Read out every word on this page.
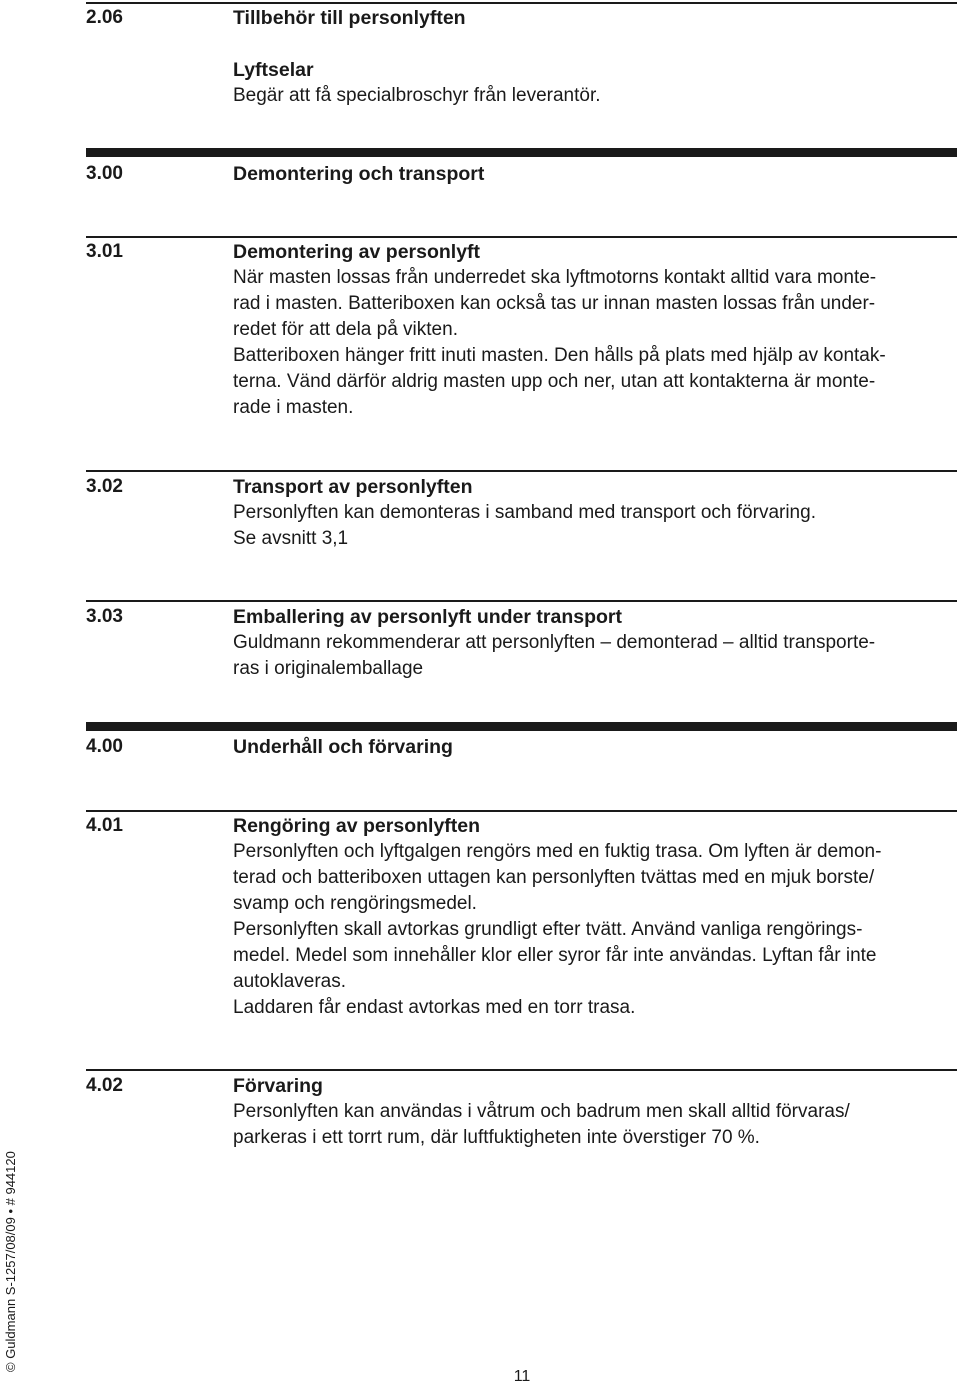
2.06	Tillbehör till personlyften
Lyftselar
Begär att få specialbroschyr från leverantör.
3.00	Demontering och transport
3.01	Demontering av personlyft
När masten lossas från underredet ska lyftmotorns kontakt alltid vara monte-
rad i masten. Batteriboxen kan också tas ur innan masten lossas från under-
redet för att dela på vikten.
Batteriboxen hänger fritt inuti masten. Den hålls på plats med hjälp av kontak-
terna. Vänd därför aldrig masten upp och ner, utan att kontakterna är monte-
rade i masten.
3.02	Transport av personlyften
Personlyften kan demonteras i samband med transport och förvaring.
Se avsnitt 3,1
3.03	Emballering av personlyft under transport
Guldmann rekommenderar att personlyften – demonterad – alltid transporte-
ras i originalemballage
4.00	Underhåll och förvaring
4.01	Rengöring av personlyften
Personlyften och lyftgalgen rengörs med en fuktig trasa. Om lyften är demon-
terad och batteriboxen uttagen kan personlyften tvättas med en mjuk borste/
svamp och rengöringsmedel.
Personlyften skall avtorkas grundligt efter tvätt. Använd vanliga rengörings-
medel. Medel som innehåller klor eller syror får inte användas. Lyftan får inte
autoklaveras.
Laddaren får endast avtorkas med en torr trasa.
4.02	Förvaring
Personlyften kan användas i våtrum och badrum men skall alltid förvaras/
parkeras i ett torrt rum, där luftfuktigheten inte överstiger 70 %.
© Guldmann S-1257/08/09 • # 944120
11
